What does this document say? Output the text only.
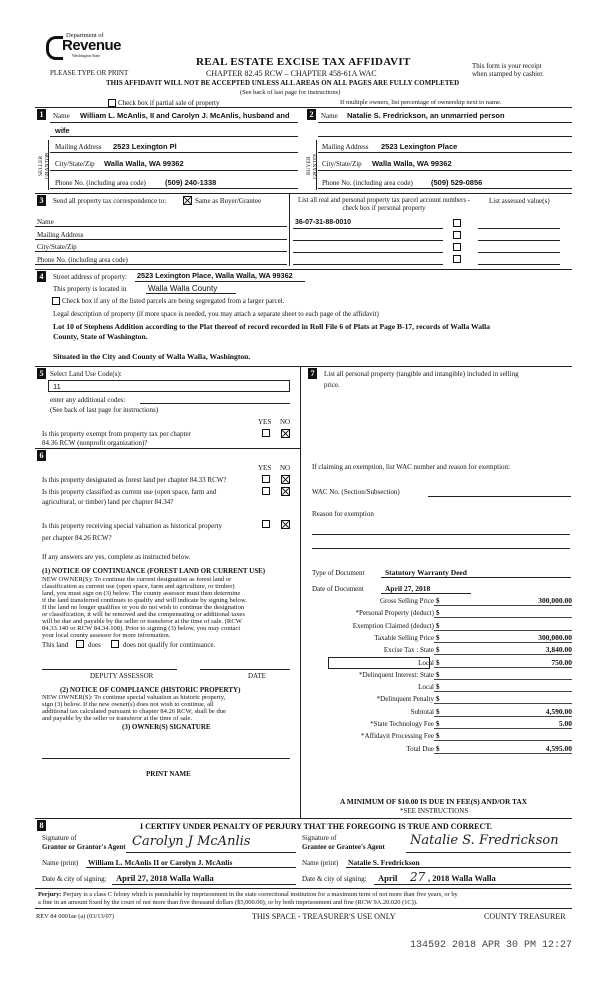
Department of
Revenue
Washington State
PLEASE TYPE OR PRINT
REAL ESTATE EXCISE TAX AFFIDAVIT
CHAPTER 82.45 RCW – CHAPTER 458-61A WAC
THIS AFFIDAVIT WILL NOT BE ACCEPTED UNLESS ALL AREAS ON ALL PAGES ARE FULLY COMPLETED
(See back of last page for instructions)
This form is your receipt
when stamped by cashier.
Check box if partial sale of property	If multiple owners, list percentage of ownership next to name.
1	Name William L. McAnlis, II and Carolyn J. McAnlis, husband and
wife
SELLER GRANTOR
Mailing Address 2523 Lexington Pl
City/State/Zip Walla Walla, WA 99362
Phone No. (including area code)	(509) 240-1338
2	Name Natalie S. Fredrickson, an unmarried person
BUYER GRANTEE
Mailing Address 2523 Lexington Place
City/State/Zip Walla Walla, WA 99362
Phone No. (including area code) (509) 529-0856
3	Send all property tax correspondence to:	Same as Buyer/Grantee
Name
Mailing Address
City/State/Zip
Phone No. (including area code)
List all real and personal property tax parcel account numbers - check box if personal property
List assessed value(s)
36-07-31-88-0010
4	Street address of property: 2523 Lexington Place, Walla Walla, WA 99362
This property is located in	Walla Walla County
Check box if any of the listed parcels are being segregated from a larger parcel.
Legal description of property (if more space is needed, you may attach a separate sheet to each page of the affidavit)
Lot 10 of Stephens Addition according to the Plat thereof of record recorded in Roll File 6 of Plats at Page B-17, records of Walla Walla
County, State of Washington.
Situated in the City and County of Walla Walla, Washington.
5 Select Land Use Code(s):
11
enter any additional codes:
(See back of last page for instructions)
YES NO
Is this property exempt from property tax per chapter
84.36 RCW (nonprofit organization)?
7	List all personal property (tangible and intangible) included in selling
price.
6
YES NO
Is this property designated as forest land per chapter 84.33 RCW?
Is this property classified as current use (open space, farm and
agricultural, or timber) land per chapter 84.34?
Is this property receiving special valuation as historical property
per chapter 84.26 RCW?
If any answers are yes, complete as instructed below.
(1) NOTICE OF CONTINUANCE (FOREST LAND OR CURRENT USE)
NEW OWNER(S): To continue the current designation as forest land or
classification as current use (open space, farm and agriculture, or timber)
land, you must sign on (3) below. The county assessor must then determine
if the land transferred continues to qualify and will indicate by signing below.
If the land no longer qualifies or you do not wish to continue the designation
or classification, it will be removed and the compensating or additional taxes
will be due and payable by the seller or transferor at the time of sale. (RCW
84.33.140 or RCW 84.34.108). Prior to signing (3) below, you may contact
your local county assessor for more information.
This land	does	does not qualify for continuance.
DEPUTY ASSESSOR	DATE
(2) NOTICE OF COMPLIANCE (HISTORIC PROPERTY)
NEW OWNER(S): To continue special valuation as historic property,
sign (3) below. If the new owner(s) does not wish to continue, all
additional tax calculated pursuant to chapter 84.26 RCW, shall be due
and payable by the seller or transferor at the time of sale.
(3) OWNER(S) SIGNATURE
PRINT NAME
If claiming an exemption, list WAC number and reason for exemption:
WAC No. (Section/Subsection)
Reason for exemption
Type of Document	Statutory Warranty Deed
Date of Document	April 27, 2018
Gross Selling Price $	300,000.00
*Personal Property (deduct) $
Exemption Claimed (deduct) $
Taxable Selling Price $	300,000.00
Excise Tax : State $	3,840.00
Local $	750.00
*Delinquent Interest: State $
Local $
*Delinquent Penalty $
Subtotal $	4,590.00
*State Technology Fee $	5.00
*Affidavit Processing Fee $
Total Due $	4,595.00
A MINIMUM OF $10.00 IS DUE IN FEE(S) AND/OR TAX
*SEE INSTRUCTIONS
8	I CERTIFY UNDER PENALTY OF PERJURY THAT THE FOREGOING IS TRUE AND CORRECT.
Signature of
Grantor or Grantor's Agent Carolyn J McAnlis	Signature of
Grantee or Grantee's Agent Natalie S. Fredrickson
Name (print) William L. McAnlis II or Carolyn J. McAnlis	Name (print) Natalie S. Fredrickson
Date & city of signing: April 27, 2018 Walla Walla	Date & city of signing: April 27 , 2018 Walla Walla
Perjury: Perjury is a class C felony which is punishable by imprisonment in the state correctional institution for a maximum term of not more than five years, or by
a fine in an amount fixed by the court of not more than five thousand dollars ($5,000.00), or by both imprisonment and fine (RCW 9A.20.020 (1C)).
REV 84 0001ae (a) (03/13/07)	THIS SPACE - TREASURER'S USE ONLY	COUNTY TREASURER
134592 2018 APR 30 PM 12:27
